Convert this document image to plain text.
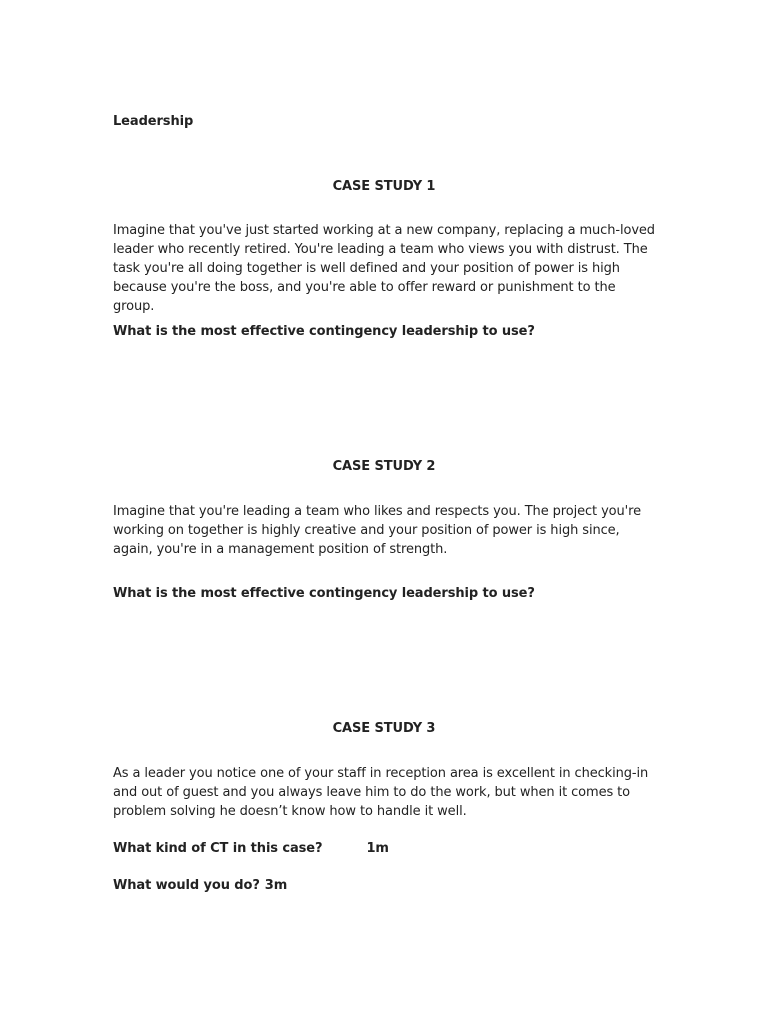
Leadership

CASE STUDY 1

Imagine that you've just started working at a new company, replacing a much-loved leader who recently retired. You're leading a team who views you with distrust. The task you're all doing together is well defined and your position of power is high because you're the boss, and you're able to offer reward or punishment to the group.

What is the most effective contingency leadership to use?

CASE STUDY 2

Imagine that you're leading a team who likes and respects you. The project you're working on together is highly creative and your position of power is high since, again, you're in a management position of strength.

What is the most effective contingency leadership to use?

CASE STUDY 3

As a leader you notice one of your staff in reception area is excellent in checking-in and out of guest and you always leave him to do the work, but when it comes to problem solving he doesn’t know how to handle it well.

What kind of CT in this case?	1m

What would you do? 3m
